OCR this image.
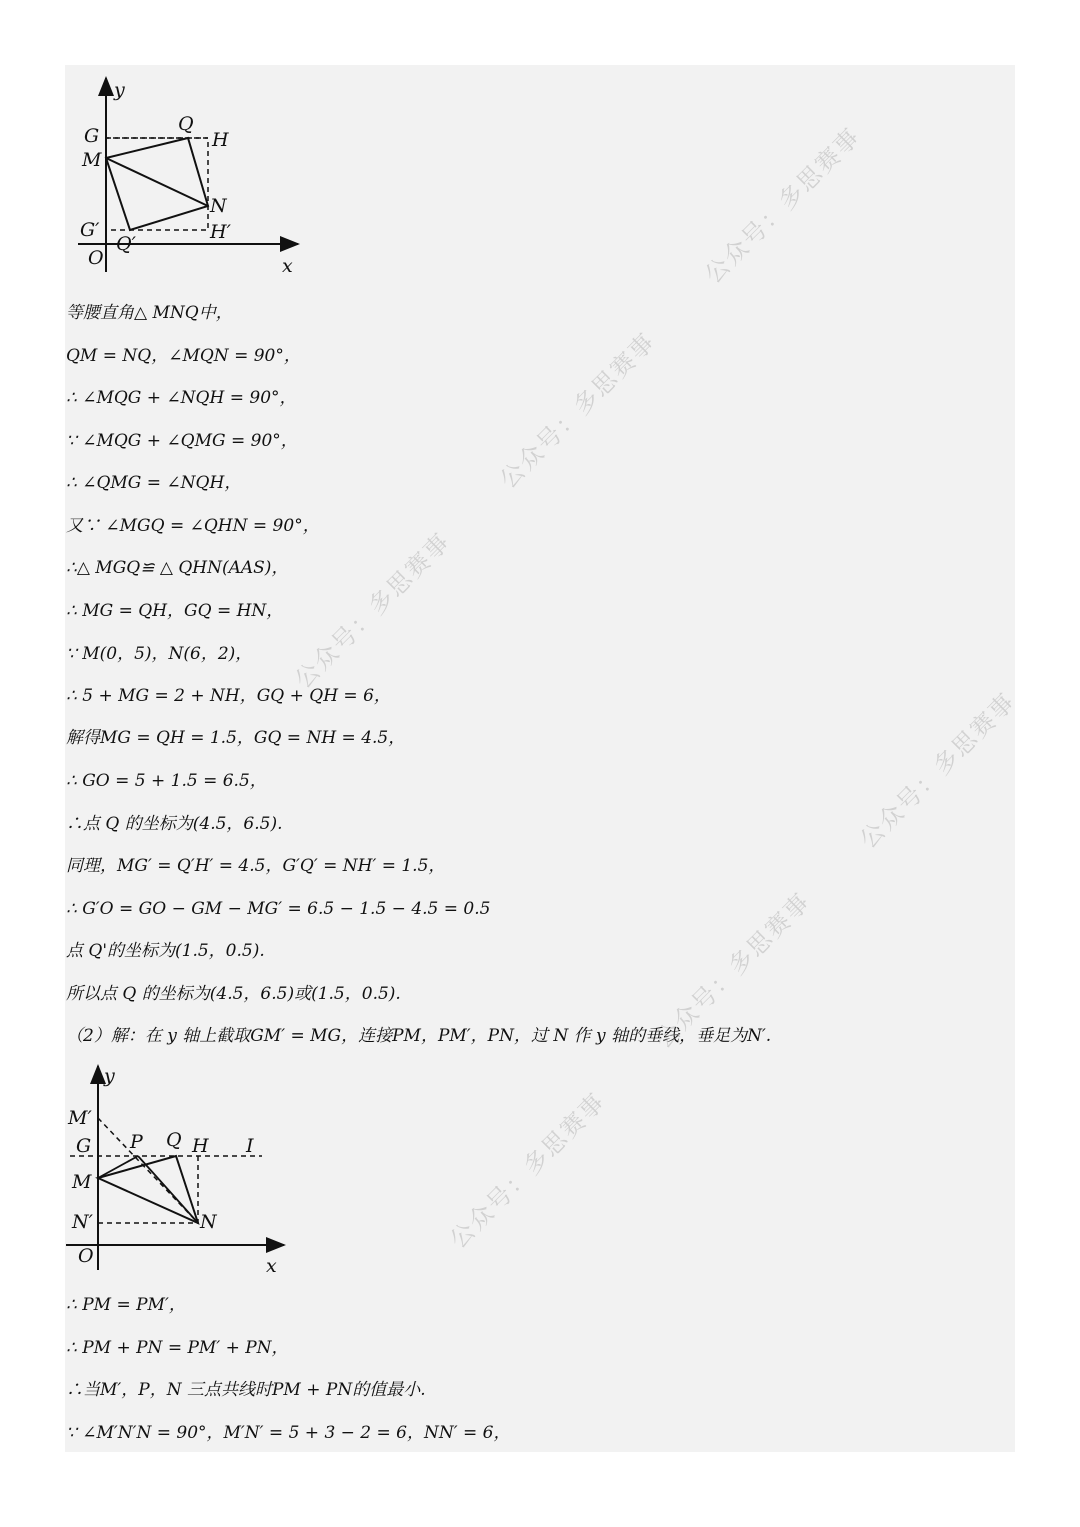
y
x
G
Q
H
M
N
G′
Q′
H′
O
等腰直角△ MNQ中，
QM = NQ，∠MQN = 90°，
∴ ∠MQG + ∠NQH = 90°，
∵ ∠MQG + ∠QMG = 90°，
∴ ∠QMG = ∠NQH，
又∵ ∠MGQ = ∠QHN = 90°，
∴△ MGQ≌ △ QHN(AAS)，
∴ MG = QH，GQ = HN，
∵ M(0，5)，N(6，2)，
∴ 5 + MG = 2 + NH，GQ + QH = 6，
解得MG = QH = 1.5，GQ = NH = 4.5，
∴ GO = 5 + 1.5 = 6.5，
∴点 Q 的坐标为(4.5，6.5).
同理，MG′ = Q′H′ = 4.5，G′Q′ = NH′ = 1.5，
∴ G′O = GO − GM − MG′ = 6.5 − 1.5 − 4.5 = 0.5
点 Q'的坐标为(1.5，0.5).
所以点 Q 的坐标为(4.5，6.5)或(1.5，0.5).
（2）解：在 y 轴上截取GM′ = MG，连接PM，PM′，PN，过 N 作 y 轴的垂线，垂足为N′.
y
x
M′
G P Q H I
M
N′	N
O
∴ PM = PM′，
∴ PM + PN = PM′ + PN，
∴当M′，P，N 三点共线时PM + PN的值最小.
∵ ∠M′N′N = 90°，M′N′ = 5 + 3 − 2 = 6，NN′ = 6，
公众号：多思赛事
公众号：多思赛事
公众号：多思赛事
公众号：多思赛事
公众号：多思赛事
公众号：多思赛事
